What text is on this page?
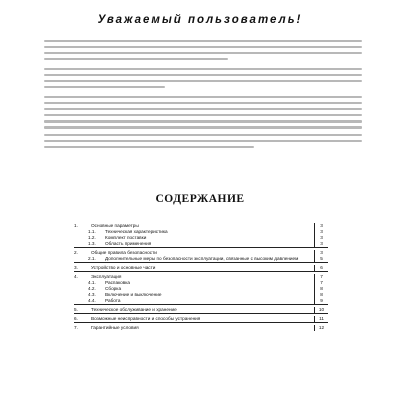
Уважаемый пользователь!
СОДЕРЖАНИЕ
1.	Основные параметры	3
1.1.	Техническая характеристика	3
1.2.	Комплект поставки	3
1.3.	Область применения	3
2.	Общие правила безопасности	3
2.1.	Дополнительные меры по безопасности эксплуатации, связанные с высоким давлением	5
3.	Устройство и основные части	6
4.	Эксплуатация	7
4.1.	Распаковка	7
4.2.	Сборка	8
4.3.	Включение и выключение	8
4.4.	Работа	9
5.	Техническое обслуживание и хранение	10
6.	Возможные неисправности и способы устранения	11
7.	Гарантийные условия	12
